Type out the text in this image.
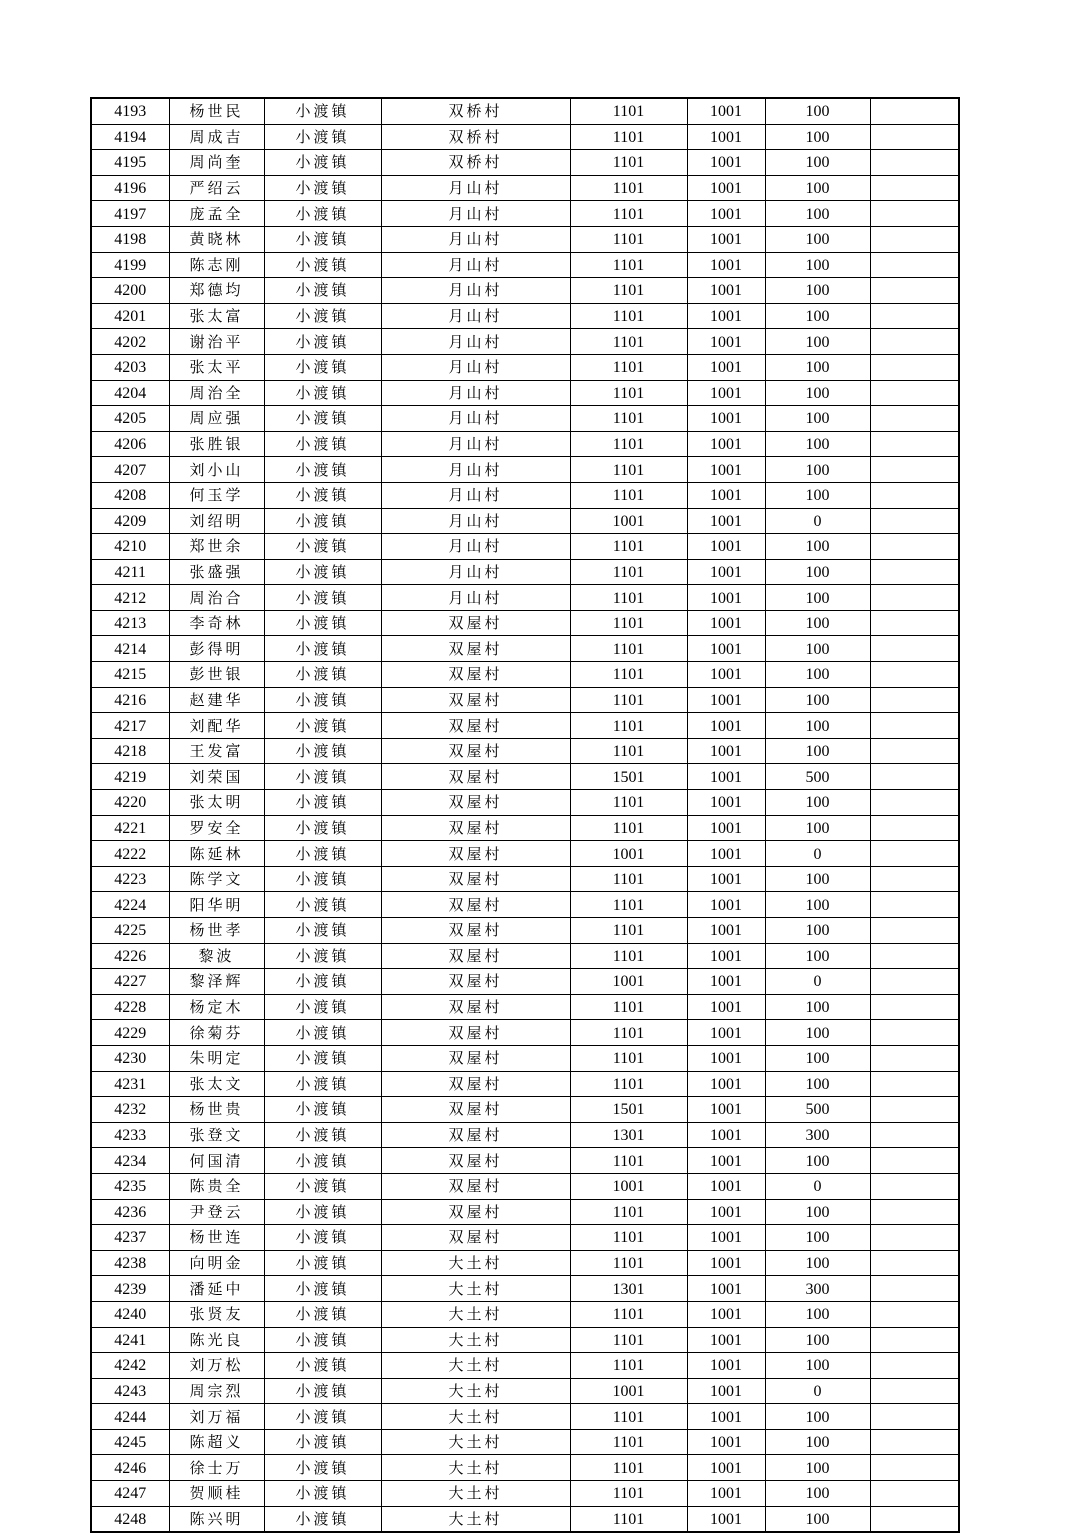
4193	杨世民	小渡镇	双桥村	1101	1001	100	
4194	周成吉	小渡镇	双桥村	1101	1001	100	
4195	周尚奎	小渡镇	双桥村	1101	1001	100	
4196	严绍云	小渡镇	月山村	1101	1001	100	
4197	庞孟全	小渡镇	月山村	1101	1001	100	
4198	黄晓林	小渡镇	月山村	1101	1001	100	
4199	陈志刚	小渡镇	月山村	1101	1001	100	
4200	郑德均	小渡镇	月山村	1101	1001	100	
4201	张太富	小渡镇	月山村	1101	1001	100	
4202	谢治平	小渡镇	月山村	1101	1001	100	
4203	张太平	小渡镇	月山村	1101	1001	100	
4204	周治全	小渡镇	月山村	1101	1001	100	
4205	周应强	小渡镇	月山村	1101	1001	100	
4206	张胜银	小渡镇	月山村	1101	1001	100	
4207	刘小山	小渡镇	月山村	1101	1001	100	
4208	何玉学	小渡镇	月山村	1101	1001	100	
4209	刘绍明	小渡镇	月山村	1001	1001	0	
4210	郑世余	小渡镇	月山村	1101	1001	100	
4211	张盛强	小渡镇	月山村	1101	1001	100	
4212	周治合	小渡镇	月山村	1101	1001	100	
4213	李奇林	小渡镇	双屋村	1101	1001	100	
4214	彭得明	小渡镇	双屋村	1101	1001	100	
4215	彭世银	小渡镇	双屋村	1101	1001	100	
4216	赵建华	小渡镇	双屋村	1101	1001	100	
4217	刘配华	小渡镇	双屋村	1101	1001	100	
4218	王发富	小渡镇	双屋村	1101	1001	100	
4219	刘荣国	小渡镇	双屋村	1501	1001	500	
4220	张太明	小渡镇	双屋村	1101	1001	100	
4221	罗安全	小渡镇	双屋村	1101	1001	100	
4222	陈延林	小渡镇	双屋村	1001	1001	0	
4223	陈学文	小渡镇	双屋村	1101	1001	100	
4224	阳华明	小渡镇	双屋村	1101	1001	100	
4225	杨世孝	小渡镇	双屋村	1101	1001	100	
4226	黎波	小渡镇	双屋村	1101	1001	100	
4227	黎泽辉	小渡镇	双屋村	1001	1001	0	
4228	杨定木	小渡镇	双屋村	1101	1001	100	
4229	徐菊芬	小渡镇	双屋村	1101	1001	100	
4230	朱明定	小渡镇	双屋村	1101	1001	100	
4231	张太文	小渡镇	双屋村	1101	1001	100	
4232	杨世贵	小渡镇	双屋村	1501	1001	500	
4233	张登文	小渡镇	双屋村	1301	1001	300	
4234	何国清	小渡镇	双屋村	1101	1001	100	
4235	陈贵全	小渡镇	双屋村	1001	1001	0	
4236	尹登云	小渡镇	双屋村	1101	1001	100	
4237	杨世连	小渡镇	双屋村	1101	1001	100	
4238	向明金	小渡镇	大土村	1101	1001	100	
4239	潘延中	小渡镇	大土村	1301	1001	300	
4240	张贤友	小渡镇	大土村	1101	1001	100	
4241	陈光良	小渡镇	大土村	1101	1001	100	
4242	刘万松	小渡镇	大土村	1101	1001	100	
4243	周宗烈	小渡镇	大土村	1001	1001	0	
4244	刘万福	小渡镇	大土村	1101	1001	100	
4245	陈超义	小渡镇	大土村	1101	1001	100	
4246	徐士万	小渡镇	大土村	1101	1001	100	
4247	贺顺桂	小渡镇	大土村	1101	1001	100	
4248	陈兴明	小渡镇	大土村	1101	1001	100	
